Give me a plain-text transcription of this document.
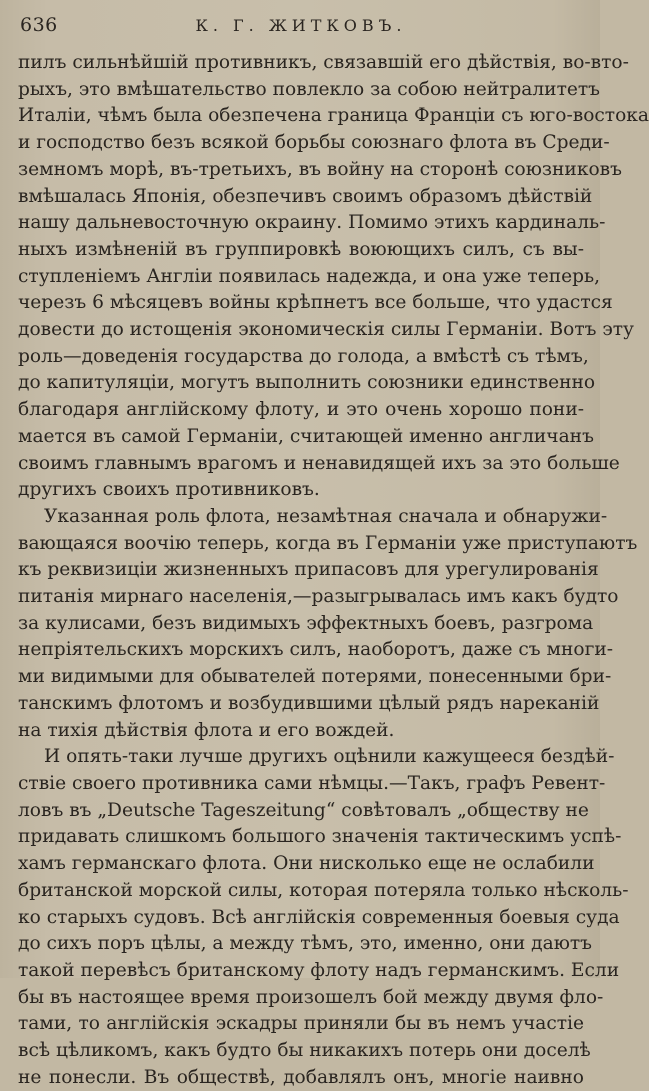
636	К. Г. ЖИТКОВЪ.
пилъ сильнѣйшій противникъ, связавшій его дѣйствія, во-вто-
рыхъ, это вмѣшательство повлекло за собою нейтралитетъ
Италіи, чѣмъ была обезпечена граница Франціи съ юго-востока
и господство безъ всякой борьбы союзнаго флота въ Среди-
земномъ морѣ, въ-третьихъ, въ войну на сторонѣ союзниковъ
вмѣшалась Японія, обезпечивъ своимъ образомъ дѣйствій
нашу дальневосточную окраину. Помимо этихъ кардиналь-
ныхъ измѣненій въ группировкѣ воюющихъ силъ, съ вы-
ступленіемъ Англіи появилась надежда, и она уже теперь,
черезъ 6 мѣсяцевъ войны крѣпнетъ все больше, что удастся
довести до истощенія экономическія силы Германіи. Вотъ эту
роль—доведенія государства до голода, а вмѣстѣ съ тѣмъ,
до капитуляціи, могутъ выполнить союзники единственно
благодаря англійскому флоту, и это очень хорошо пони-
мается въ самой Германіи, считающей именно англичанъ
своимъ главнымъ врагомъ и ненавидящей ихъ за это больше
другихъ своихъ противниковъ.
Указанная роль флота, незамѣтная сначала и обнаружи-
вающаяся воочію теперь, когда въ Германіи уже приступаютъ
къ реквизиціи жизненныхъ припасовъ для урегулированія
питанія мирнаго населенія,—разыгрывалась имъ какъ будто
за кулисами, безъ видимыхъ эффектныхъ боевъ, разгрома
непріятельскихъ морскихъ силъ, наоборотъ, даже съ многи-
ми видимыми для обывателей потерями, понесенными бри-
танскимъ флотомъ и возбудившими цѣлый рядъ нареканій
на тихія дѣйствія флота и его вождей.
И опять-таки лучше другихъ оцѣнили кажущееся бездѣй-
ствіе своего противника сами нѣмцы.—Такъ, графъ Ревент-
ловъ въ „Deutsche Tageszeitung“ совѣтовалъ „обществу не
придавать слишкомъ большого значенія тактическимъ успѣ-
хамъ германскаго флота. Они нисколько еще не ослабили
британской морской силы, которая потеряла только нѣсколь-
ко старыхъ судовъ. Всѣ англійскія современныя боевыя суда
до сихъ поръ цѣлы, а между тѣмъ, это, именно, они даютъ
такой перевѣсъ британскому флоту надъ германскимъ. Если
бы въ настоящее время произошелъ бой между двумя фло-
тами, то англійскія эскадры приняли бы въ немъ участіе
всѣ цѣликомъ, какъ будто бы никакихъ потерь они доселѣ
не понесли. Въ обществѣ, добавлялъ онъ, многіе наивно
